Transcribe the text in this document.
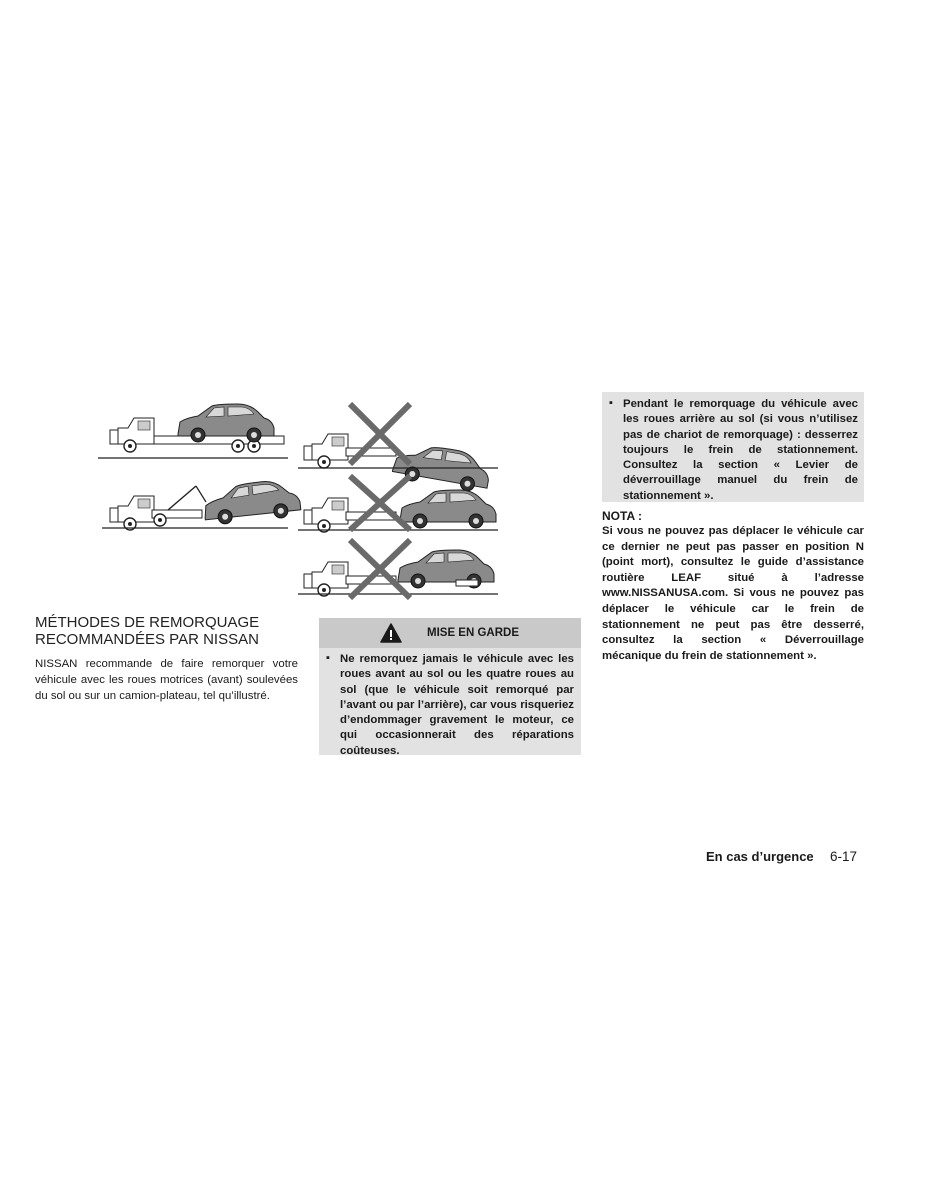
MÉTHODES DE REMORQUAGE
RECOMMANDÉES PAR NISSAN

NISSAN recommande de faire remorquer votre véhicule avec les roues motrices (avant) soulevées du sol ou sur un camion-plateau, tel qu’illustré.

MISE EN GARDE
▪ Ne remorquez jamais le véhicule avec les roues avant au sol ou les quatre roues au sol (que le véhicule soit remorqué par l’avant ou par l’arrière), car vous risqueriez d’endommager gravement le moteur, ce qui occasionnerait des réparations coûteuses.

▪ Pendant le remorquage du véhicule avec les roues arrière au sol (si vous n’utilisez pas de chariot de remorquage) : desserrez toujours le frein de stationnement. Consultez la section « Levier de déverrouillage manuel du frein de stationnement ».

NOTA :

Si vous ne pouvez pas déplacer le véhicule car ce dernier ne peut pas passer en position N (point mort), consultez le guide d’assistance routière LEAF situé à l’adresse www.NISSANUSA.com. Si vous ne pouvez pas déplacer le véhicule car le frein de stationnement ne peut pas être desserré, consultez la section « Déverrouillage mécanique du frein de stationnement ».

En cas d’urgence 6-17
